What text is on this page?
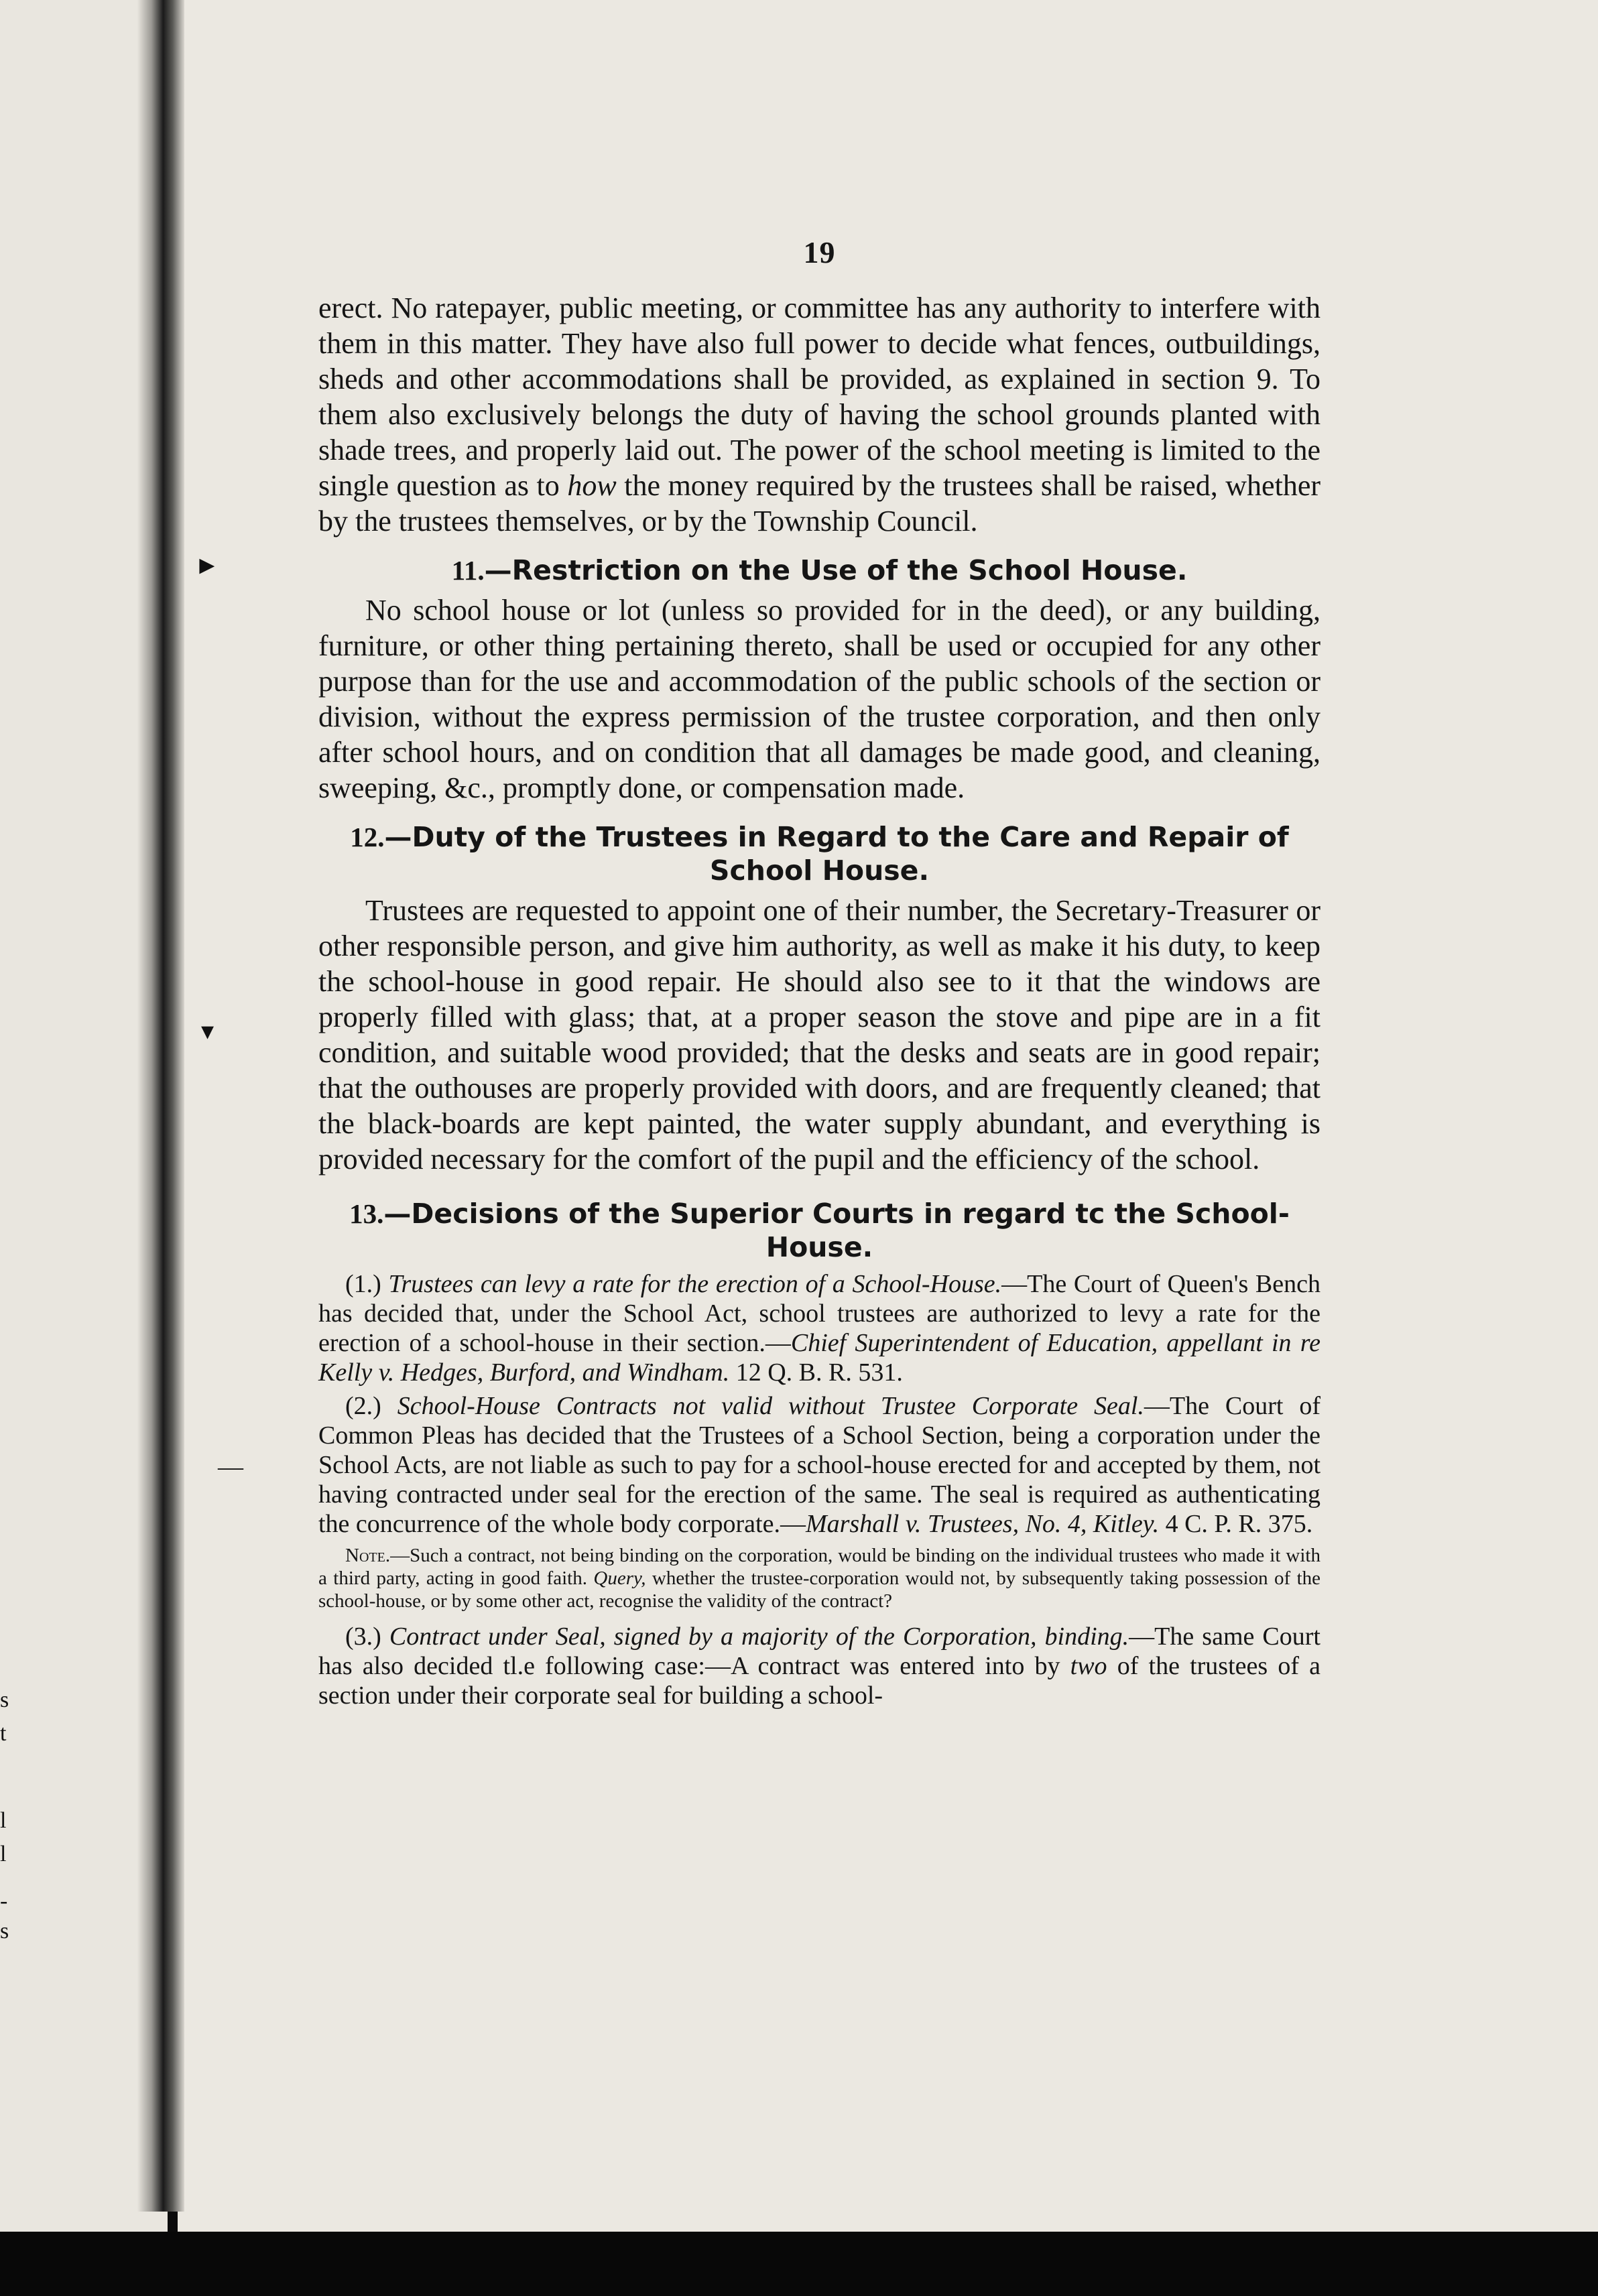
s
t
l
l
-
s
►
▾
—
19

erect. No ratepayer, public meeting, or committee has any authority to interfere with them in this matter. They have also full power to decide what fences, outbuildings, sheds and other accommodations shall be provided, as explained in section 9. To them also exclusively belongs the duty of having the school grounds planted with shade trees, and properly laid out. The power of the school meeting is limited to the single question as to how the money required by the trustees shall be raised, whether by the trustees themselves, or by the Township Council.

11.—Restriction on the Use of the School House.

No school house or lot (unless so provided for in the deed), or any building, furniture, or other thing pertaining thereto, shall be used or occupied for any other purpose than for the use and accommodation of the public schools of the section or division, without the express permission of the trustee corporation, and then only after school hours, and on condition that all damages be made good, and cleaning, sweeping, &c., promptly done, or compensation made.

12.—Duty of the Trustees in Regard to the Care and Repair of School House.

Trustees are requested to appoint one of their number, the Secretary-Treasurer or other responsible person, and give him authority, as well as make it his duty, to keep the school-house in good repair. He should also see to it that the windows are properly filled with glass; that, at a proper season the stove and pipe are in a fit condition, and suitable wood provided; that the desks and seats are in good repair; that the outhouses are properly provided with doors, and are frequently cleaned; that the black-boards are kept painted, the water supply abundant, and everything is provided necessary for the comfort of the pupil and the efficiency of the school.

13.—Decisions of the Superior Courts in regard tc the School-House.

(1.) Trustees can levy a rate for the erection of a School-House.—The Court of Queen's Bench has decided that, under the School Act, school trustees are authorized to levy a rate for the erection of a school-house in their section.—Chief Superintendent of Education, appellant in re Kelly v. Hedges, Burford, and Windham. 12 Q. B. R. 531.

(2.) School-House Contracts not valid without Trustee Corporate Seal.—The Court of Common Pleas has decided that the Trustees of a School Section, being a corporation under the School Acts, are not liable as such to pay for a school-house erected for and accepted by them, not having contracted under seal for the erection of the same. The seal is required as authenticating the concurrence of the whole body corporate.—Marshall v. Trustees, No. 4, Kitley. 4 C. P. R. 375.

Note.—Such a contract, not being binding on the corporation, would be binding on the individual trustees who made it with a third party, acting in good faith. Query, whether the trustee-corporation would not, by subsequently taking possession of the school-house, or by some other act, recognise the validity of the contract?

(3.) Contract under Seal, signed by a majority of the Corporation, binding.—The same Court has also decided tl.e following case:—A contract was entered into by two of the trustees of a section under their corporate seal for building a school-
